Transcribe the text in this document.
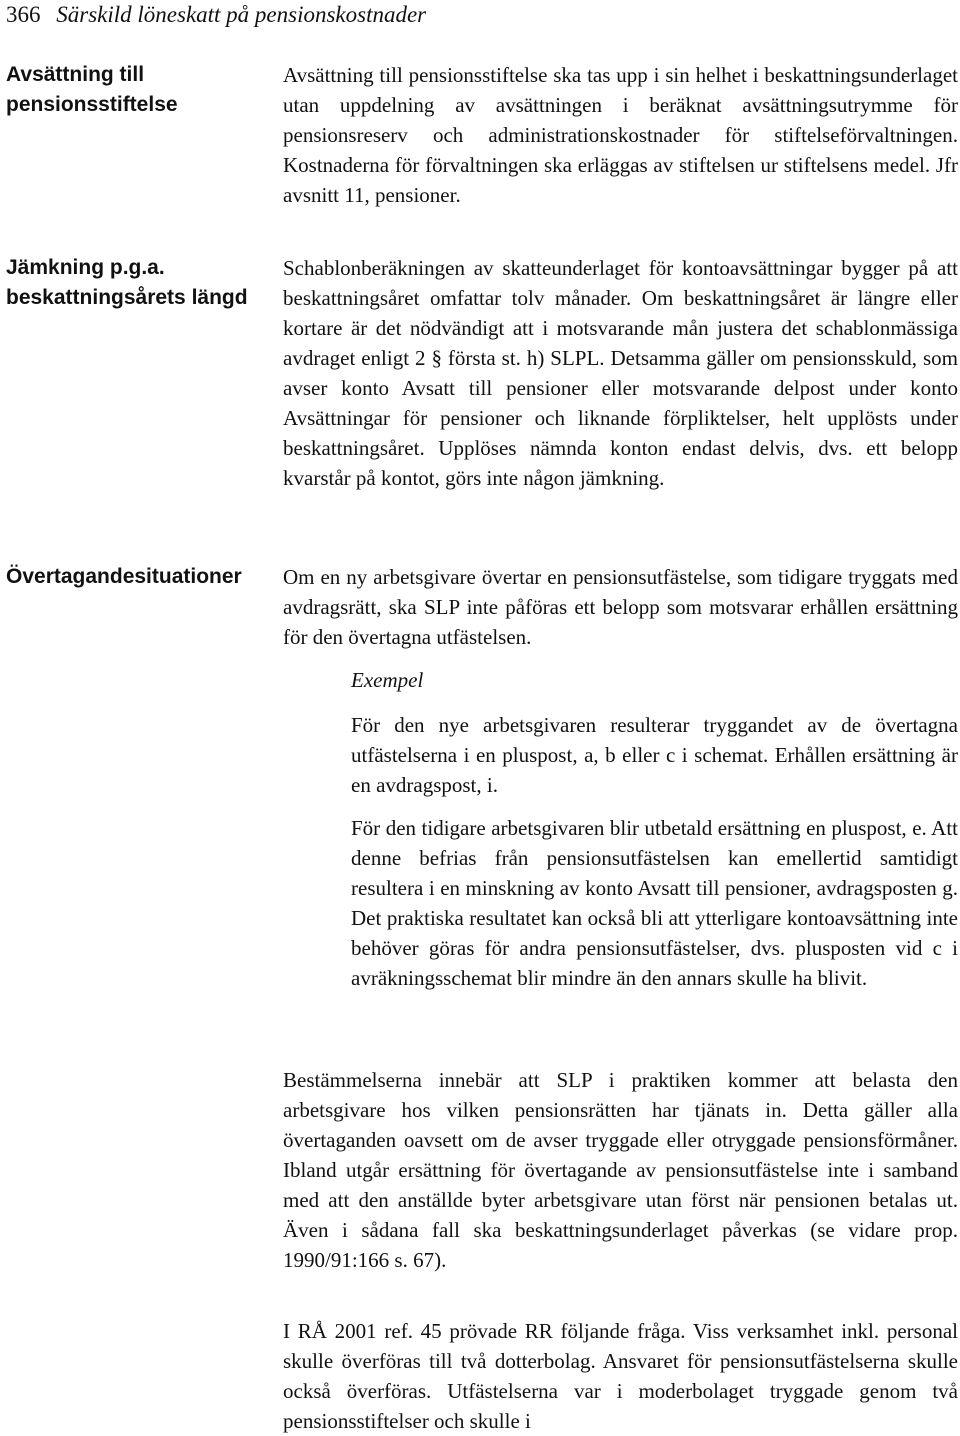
366 Särskild löneskatt på pensionskostnader
Avsättning till pensionsstiftelse
Jämkning p.g.a. beskattningsårets längd
Övertagandesituationer

Avsättning till pensionsstiftelse ska tas upp i sin helhet i beskattningsunderlaget utan uppdelning av avsättningen i beräknat avsättningsutrymme för pensionsreserv och administrationskostnader för stiftelseförvaltningen. Kostnaderna för förvaltningen ska erläggas av stiftelsen ur stiftelsens medel. Jfr avsnitt 11, pensioner.

Schablonberäkningen av skatteunderlaget för kontoavsättningar bygger på att beskattningsåret omfattar tolv månader. Om beskattningsåret är längre eller kortare är det nödvändigt att i motsvarande mån justera det schablonmässiga avdraget enligt 2 § första st. h) SLPL. Detsamma gäller om pensionsskuld, som avser konto Avsatt till pensioner eller motsvarande delpost under konto Avsättningar för pensioner och liknande förpliktelser, helt upplösts under beskattningsåret. Upplöses nämnda konton endast delvis, dvs. ett belopp kvarstår på kontot, görs inte någon jämkning.

Om en ny arbetsgivare övertar en pensionsutfästelse, som tidigare tryggats med avdragsrätt, ska SLP inte påföras ett belopp som motsvarar erhållen ersättning för den övertagna utfästelsen.

Exempel

För den nye arbetsgivaren resulterar tryggandet av de övertagna utfästelserna i en pluspost, a, b eller c i schemat. Erhållen ersättning är en avdragspost, i.

För den tidigare arbetsgivaren blir utbetald ersättning en pluspost, e. Att denne befrias från pensionsutfästelsen kan emellertid samtidigt resultera i en minskning av konto Avsatt till pensioner, avdragsposten g. Det praktiska resultatet kan också bli att ytterligare kontoavsättning inte behöver göras för andra pensionsutfästelser, dvs. plusposten vid c i avräkningsschemat blir mindre än den annars skulle ha blivit.

Bestämmelserna innebär att SLP i praktiken kommer att belasta den arbetsgivare hos vilken pensionsrätten har tjänats in. Detta gäller alla övertaganden oavsett om de avser tryggade eller otryggade pensionsförmåner. Ibland utgår ersättning för övertagande av pensionsutfästelse inte i samband med att den anställde byter arbetsgivare utan först när pensionen betalas ut. Även i sådana fall ska beskattningsunderlaget påverkas (se vidare prop. 1990/91:166 s. 67).

I RÅ 2001 ref. 45 prövade RR följande fråga. Viss verksamhet inkl. personal skulle överföras till två dotterbolag. Ansvaret för pensionsutfästelserna skulle också överföras. Utfästelserna var i moderbolaget tryggade genom två pensionsstiftelser och skulle i
